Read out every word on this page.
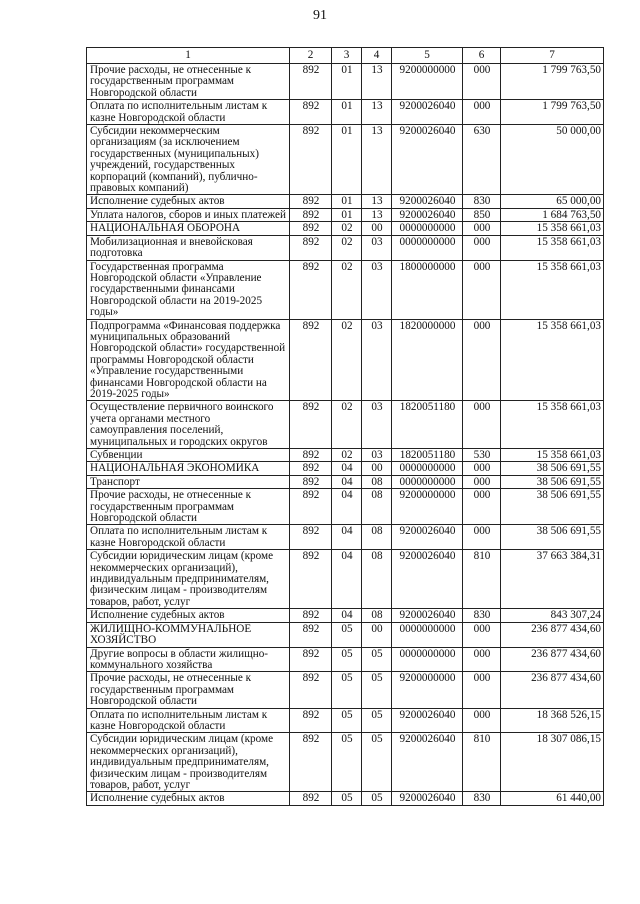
91
1	2	3	4	5	6	7
Прочие расходы, не отнесенные к государственным программам Новгородской области	892	01	13	9200000000	000	1 799 763,50
Оплата по исполнительным листам к казне Новгородской области	892	01	13	9200026040	000	1 799 763,50
Субсидии некоммерческим организациям (за исключением государственных (муниципальных) учреждений, государственных корпораций (компаний), публично-правовых компаний)	892	01	13	9200026040	630	50 000,00
Исполнение судебных актов	892	01	13	9200026040	830	65 000,00
Уплата налогов, сборов и иных платежей	892	01	13	9200026040	850	1 684 763,50
НАЦИОНАЛЬНАЯ ОБОРОНА	892	02	00	0000000000	000	15 358 661,03
Мобилизационная и вневойсковая подготовка	892	02	03	0000000000	000	15 358 661,03
Государственная программа Новгородской области «Управление государственными финансами Новгородской области на 2019-2025 годы»	892	02	03	1800000000	000	15 358 661,03
Подпрограмма «Финансовая поддержка муниципальных образований Новгородской области» государственной программы Новгородской области «Управление государственными финансами Новгородской области на 2019-2025 годы»	892	02	03	1820000000	000	15 358 661,03
Осуществление первичного воинского учета органами местного самоуправления поселений, муниципальных и городских округов	892	02	03	1820051180	000	15 358 661,03
Субвенции	892	02	03	1820051180	530	15 358 661,03
НАЦИОНАЛЬНАЯ ЭКОНОМИКА	892	04	00	0000000000	000	38 506 691,55
Транспорт	892	04	08	0000000000	000	38 506 691,55
Прочие расходы, не отнесенные к государственным программам Новгородской области	892	04	08	9200000000	000	38 506 691,55
Оплата по исполнительным листам к казне Новгородской области	892	04	08	9200026040	000	38 506 691,55
Субсидии юридическим лицам (кроме некоммерческих организаций), индивидуальным предпринимателям, физическим лицам - производителям товаров, работ, услуг	892	04	08	9200026040	810	37 663 384,31
Исполнение судебных актов	892	04	08	9200026040	830	843 307,24
ЖИЛИЩНО-КОММУНАЛЬНОЕ ХОЗЯЙСТВО	892	05	00	0000000000	000	236 877 434,60
Другие вопросы в области жилищно-коммунального хозяйства	892	05	05	0000000000	000	236 877 434,60
Прочие расходы, не отнесенные к государственным программам Новгородской области	892	05	05	9200000000	000	236 877 434,60
Оплата по исполнительным листам к казне Новгородской области	892	05	05	9200026040	000	18 368 526,15
Субсидии юридическим лицам (кроме некоммерческих организаций), индивидуальным предпринимателям, физическим лицам - производителям товаров, работ, услуг	892	05	05	9200026040	810	18 307 086,15
Исполнение судебных актов	892	05	05	9200026040	830	61 440,00
